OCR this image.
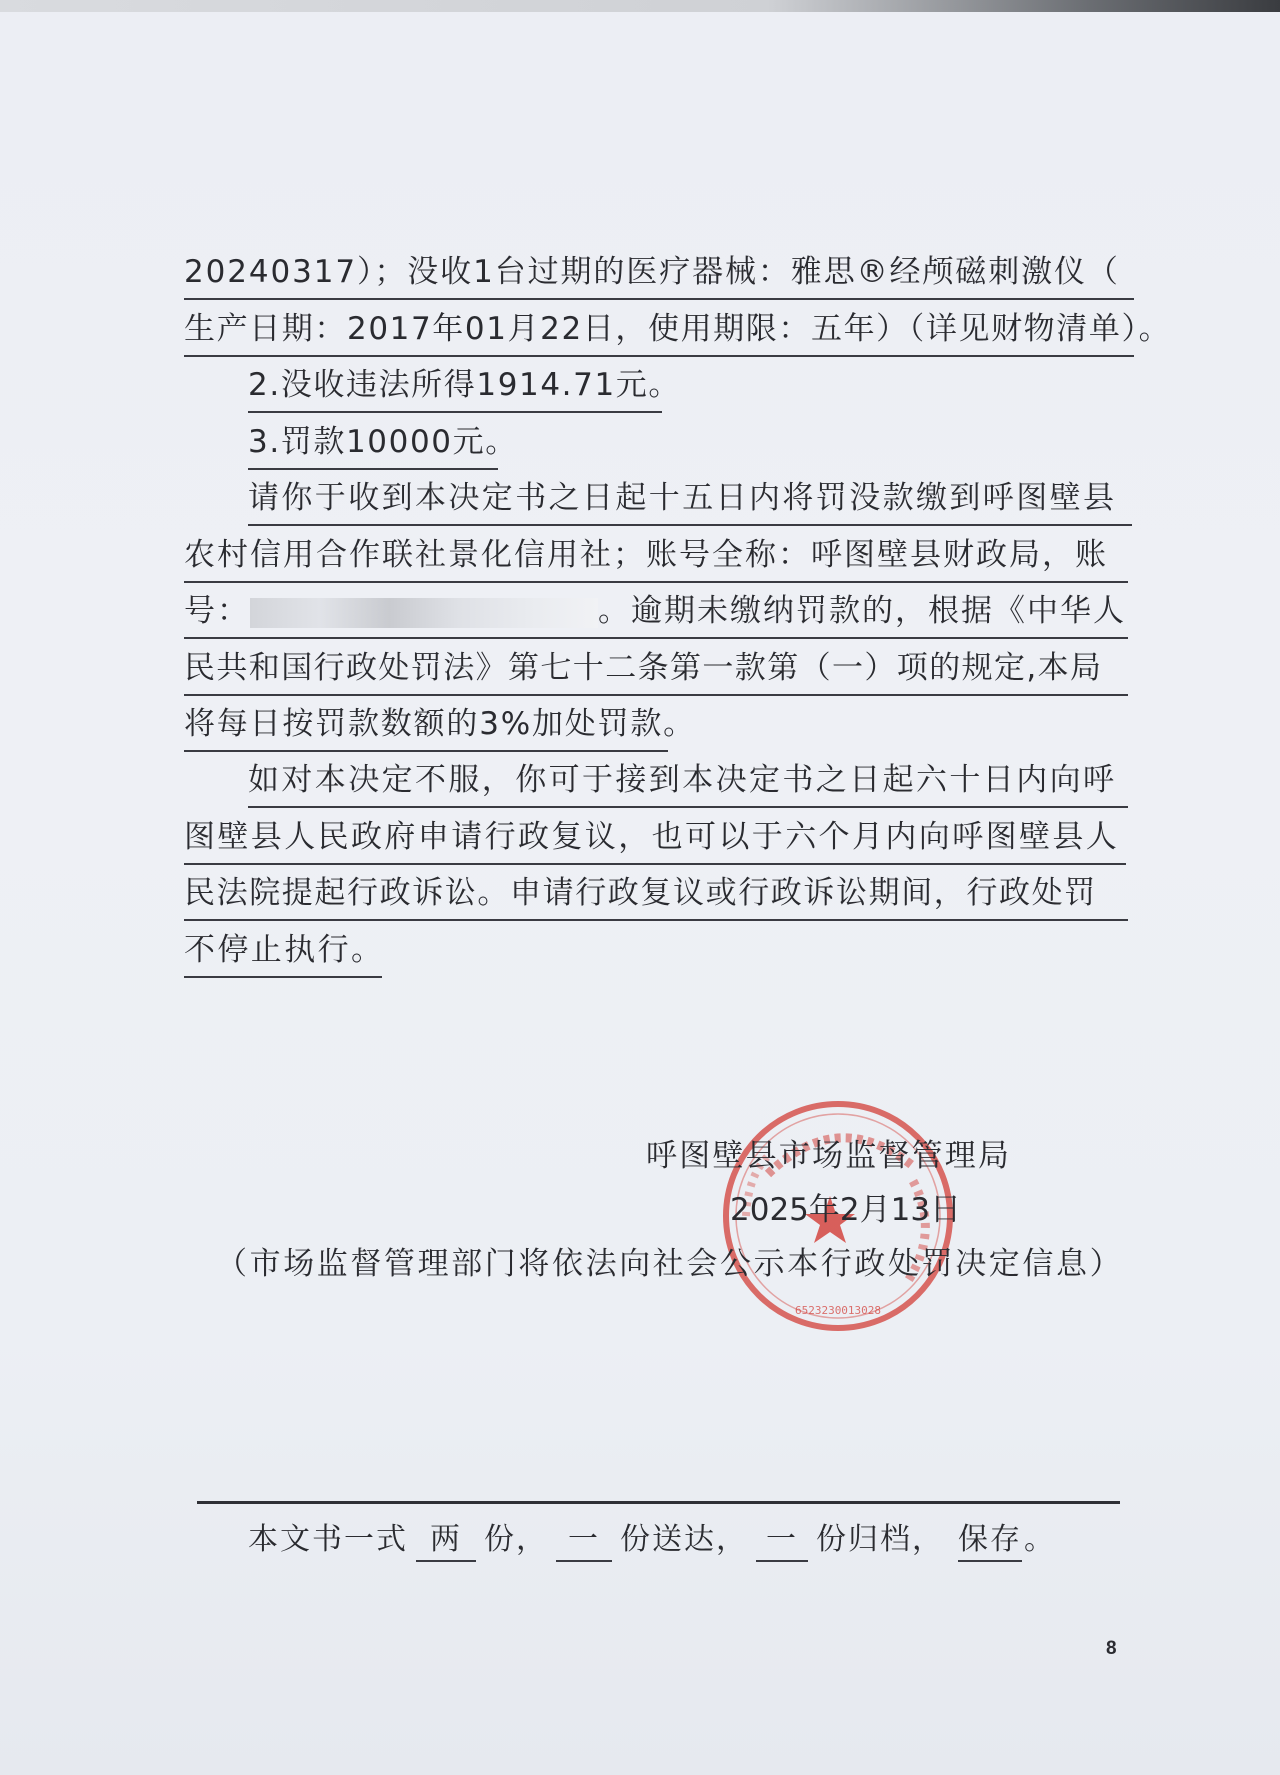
20240317）；没收1台过期的医疗器械：雅思®经颅磁刺激仪（
生产日期：2017年01月22日，使用期限：五年）（详见财物清单）。
2.没收违法所得1914.71元。
3.罚款10000元。
请你于收到本决定书之日起十五日内将罚没款缴到呼图壁县
农村信用合作联社景化信用社；账号全称：呼图壁县财政局，账
号：	。逾期未缴纳罚款的，根据《中华人
民共和国行政处罚法》第七十二条第一款第（一）项的规定,本局
将每日按罚款数额的3%加处罚款。
如对本决定不服，你可于接到本决定书之日起六十日内向呼
图壁县人民政府申请行政复议，也可以于六个月内向呼图壁县人
民法院提起行政诉讼。申请行政复议或行政诉讼期间，行政处罚
不停止执行。
6523230013028
呼图壁县市场监督管理局
2025年2月13日
（市场监督管理部门将依法向社会公示本行政处罚决定信息）
本文书一式 两 份， 一 份送达， 一 份归档， 保存。
8
